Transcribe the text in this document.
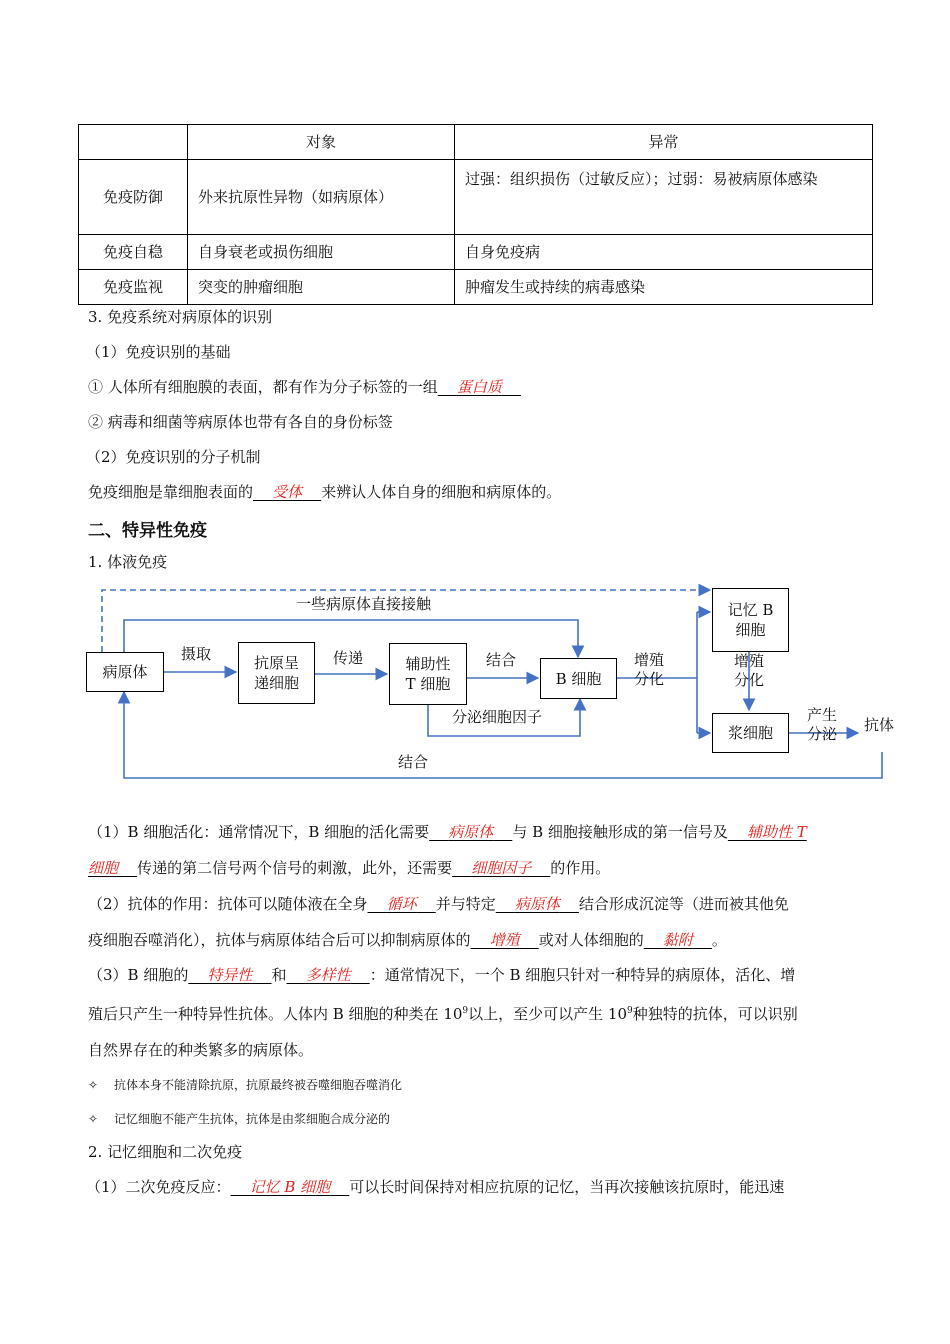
	对象	异常
免疫防御	外来抗原性异物（如病原体）	过强：组织损伤（过敏反应）；过弱：易被病原体感染
免疫自稳	自身衰老或损伤细胞	自身免疫病
免疫监视	突变的肿瘤细胞	肿瘤发生或持续的病毒感染
3. 免疫系统对病原体的识别
（1）免疫识别的基础
① 人体所有细胞膜的表面，都有作为分子标签的一组 蛋白质
② 病毒和细菌等病原体也带有各自的身份标签
（2）免疫识别的分子机制
免疫细胞是靠细胞表面的 受体 来辨认人体自身的细胞和病原体的。
二、特异性免疫
1. 体液免疫
病原体	抗原呈
递细胞
辅助性
T 细胞	B 细胞
记忆 B
细胞
浆细胞	抗体
一些病原体直接接触
摄取	传递	结合
分泌细胞因子
增殖
分化
增殖
分化
产生
分泌
结合
（1）B 细胞活化：通常情况下，B 细胞的活化需要 病原体 与 B 细胞接触形成的第一信号及 辅助性 T
细胞 传递的第二信号两个信号的刺激，此外，还需要 细胞因子 的作用。
（2）抗体的作用：抗体可以随体液在全身 循环 并与特定 病原体 结合形成沉淀等（进而被其他免
疫细胞吞噬消化），抗体与病原体结合后可以抑制病原体的 增殖 或对人体细胞的 黏附 。
（3）B 细胞的 特异性 和 多样性 ：通常情况下，一个 B 细胞只针对一种特异的病原体，活化、增
殖后只产生一种特异性抗体。人体内 B 细胞的种类在 $10^9$以上，至少可以产生 $10^9$种独特的抗体，可以识别
自然界存在的种类繁多的病原体。
✧ 抗体本身不能清除抗原，抗原最终被吞噬细胞吞噬消化
✧ 记忆细胞不能产生抗体，抗体是由浆细胞合成分泌的
2. 记忆细胞和二次免疫
（1）二次免疫反应： 记忆 B 细胞 可以长时间保持对相应抗原的记忆，当再次接触该抗原时，能迅速
